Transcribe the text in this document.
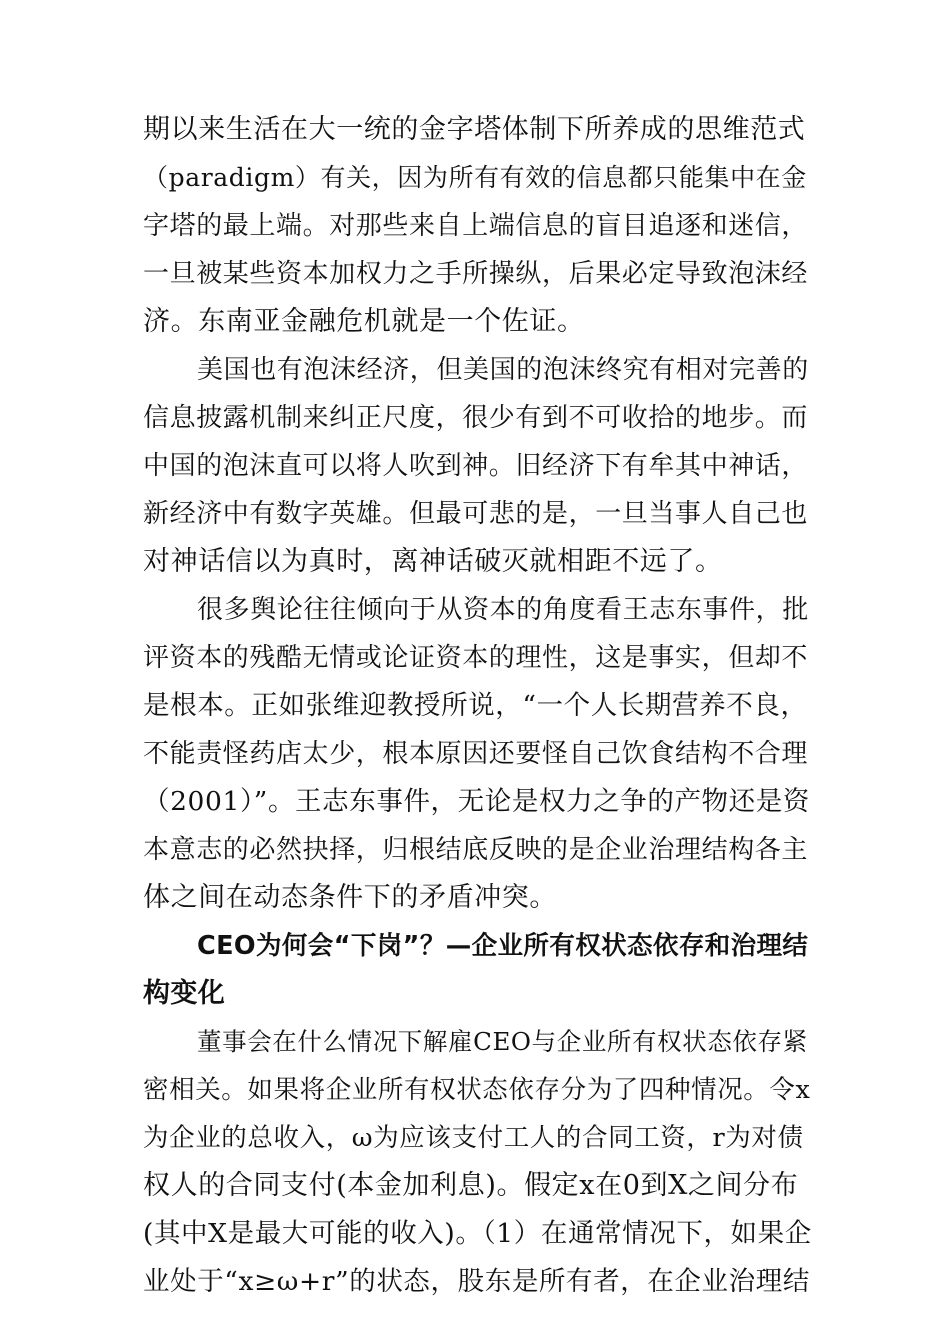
期以来生活在大一统的金字塔体制下所养成的思维范式
（paradigm）有关，因为所有有效的信息都只能集中在金
字塔的最上端。对那些来自上端信息的盲目追逐和迷信，
一旦被某些资本加权力之手所操纵，后果必定导致泡沫经
济。东南亚金融危机就是一个佐证。
美国也有泡沫经济，但美国的泡沫终究有相对完善的
信息披露机制来纠正尺度，很少有到不可收拾的地步。而
中国的泡沫直可以将人吹到神。旧经济下有牟其中神话，
新经济中有数字英雄。但最可悲的是，一旦当事人自己也
对神话信以为真时，离神话破灭就相距不远了。
很多舆论往往倾向于从资本的角度看王志东事件，批
评资本的残酷无情或论证资本的理性，这是事实，但却不
是根本。正如张维迎教授所说，“一个人长期营养不良，
不能责怪药店太少，根本原因还要怪自己饮食结构不合理
（2001）”。王志东事件，无论是权力之争的产物还是资
本意志的必然抉择，归根结底反映的是企业治理结构各主
体之间在动态条件下的矛盾冲突。
CEO为何会“下岗”？—企业所有权状态依存和治理结
构变化
董事会在什么情况下解雇CEO与企业所有权状态依存紧
密相关。如果将企业所有权状态依存分为了四种情况。令x
为企业的总收入，ω为应该支付工人的合同工资，r为对债
权人的合同支付(本金加利息)。假定x在0到X之间分布
(其中X是最大可能的收入)。（1）在通常情况下，如果企
业处于“x≥ω+r”的状态，股东是所有者，在企业治理结
